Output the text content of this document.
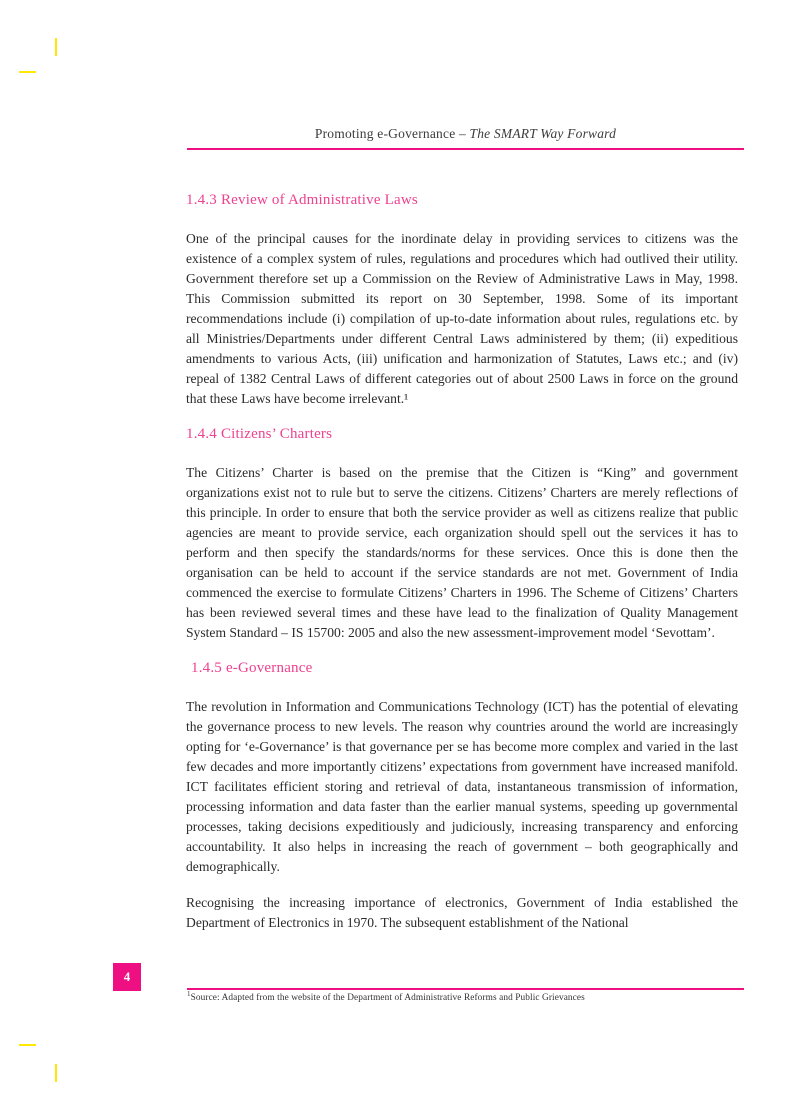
Promoting e-Governance – The SMART Way Forward
1.4.3 Review of Administrative Laws

One of the principal causes for the inordinate delay in providing services to citizens was the existence of a complex system of rules, regulations and procedures which had outlived their utility. Government therefore set up a Commission on the Review of Administrative Laws in May, 1998. This Commission submitted its report on 30 September, 1998. Some of its important recommendations include (i) compilation of up-to-date information about rules, regulations etc. by all Ministries/Departments under different Central Laws administered by them; (ii) expeditious amendments to various Acts, (iii) unification and harmonization of Statutes, Laws etc.; and (iv) repeal of 1382 Central Laws of different categories out of about 2500 Laws in force on the ground that these Laws have become irrelevant.¹

1.4.4 Citizens’ Charters

The Citizens’ Charter is based on the premise that the Citizen is “King” and government organizations exist not to rule but to serve the citizens. Citizens’ Charters are merely reflections of this principle. In order to ensure that both the service provider as well as citizens realize that public agencies are meant to provide service, each organization should spell out the services it has to perform and then specify the standards/norms for these services. Once this is done then the organisation can be held to account if the service standards are not met. Government of India commenced the exercise to formulate Citizens’ Charters in 1996. The Scheme of Citizens’ Charters has been reviewed several times and these have lead to the finalization of Quality Management System Standard – IS 15700: 2005 and also the new assessment-improvement model ‘Sevottam’.

1.4.5 e-Governance

The revolution in Information and Communications Technology (ICT) has the potential of elevating the governance process to new levels. The reason why countries around the world are increasingly opting for ‘e-Governance’ is that governance per se has become more complex and varied in the last few decades and more importantly citizens’ expectations from government have increased manifold. ICT facilitates efficient storing and retrieval of data, instantaneous transmission of information, processing information and data faster than the earlier manual systems, speeding up governmental processes, taking decisions expeditiously and judiciously, increasing transparency and enforcing accountability. It also helps in increasing the reach of government – both geographically and demographically.

Recognising the increasing importance of electronics, Government of India established the Department of Electronics in 1970. The subsequent establishment of the National

4
$^1$Source: Adapted from the website of the Department of Administrative Reforms and Public Grievances
